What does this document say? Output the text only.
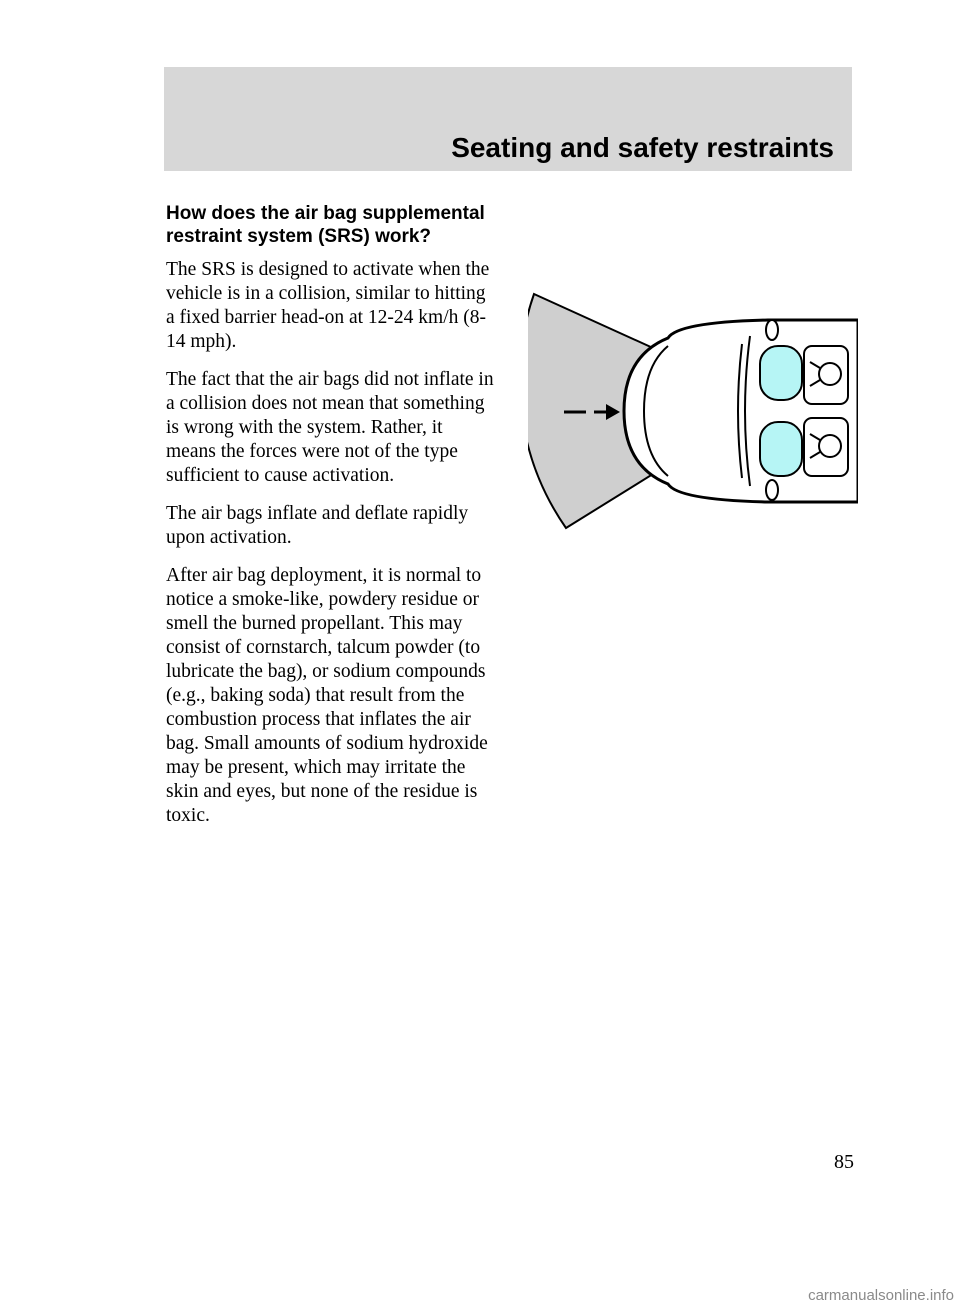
Seating and safety restraints
How does the air bag supplemental restraint system (SRS) work?

The SRS is designed to activate when the vehicle is in a collision, similar to hitting a fixed barrier head-on at 12-24 km/h (8-14 mph).

The fact that the air bags did not inflate in a collision does not mean that something is wrong with the system. Rather, it means the forces were not of the type sufficient to cause activation.

The air bags inflate and deflate rapidly upon activation.

After air bag deployment, it is normal to notice a smoke-like, powdery residue or smell the burned propellant. This may consist of cornstarch, talcum powder (to lubricate the bag), or sodium compounds (e.g., baking soda) that result from the combustion process that inflates the air bag. Small amounts of sodium hydroxide may be present, which may irritate the skin and eyes, but none of the residue is toxic.

85
carmanualsonline.info
